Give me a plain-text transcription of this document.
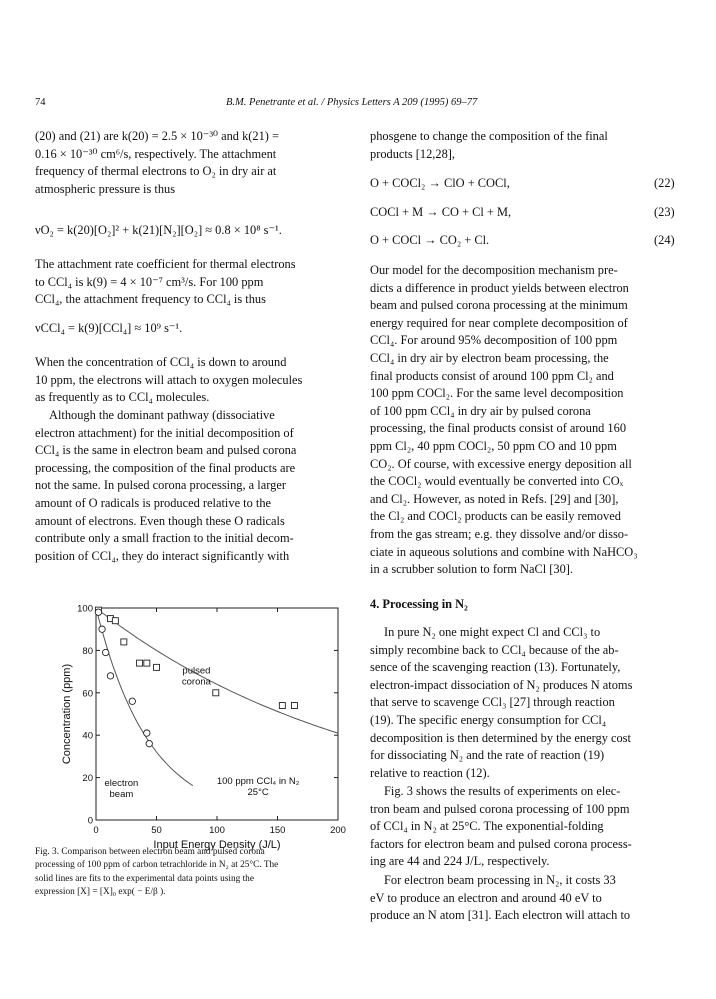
74	B.M. Penetrante et al. / Physics Letters A 209 (1995) 69–77
(20) and (21) are k(20) = 2.5 × 10⁻³⁰ and k(21) =
0.16 × 10⁻³⁰ cm⁶/s, respectively. The attachment
frequency of thermal electrons to O₂ in dry air at
atmospheric pressure is thus
νO₂ = k(20)[O₂]² + k(21)[N₂][O₂] ≈ 0.8 × 10⁸ s⁻¹.
The attachment rate coefficient for thermal electrons
to CCl₄ is k(9) = 4 × 10⁻⁷ cm³/s. For 100 ppm
CCl₄, the attachment frequency to CCl₄ is thus
νCCl₄ = k(9)[CCl₄] ≈ 10⁹ s⁻¹.
When the concentration of CCl₄ is down to around
10 ppm, the electrons will attach to oxygen molecules
as frequently as to CCl₄ molecules.
Although the dominant pathway (dissociative
electron attachment) for the initial decomposition of
CCl₄ is the same in electron beam and pulsed corona
processing, the composition of the final products are
not the same. In pulsed corona processing, a larger
amount of O radicals is produced relative to the
amount of electrons. Even though these O radicals
contribute only a small fraction to the initial decom-
position of CCl₄, they do interact significantly with
phosgene to change the composition of the final
products [12,28],
O + COCl₂ → ClO + COCl,	(22)
COCl + M → CO + Cl + M,	(23)
O + COCl → CO₂ + Cl.	(24)
Our model for the decomposition mechanism pre-
dicts a difference in product yields between electron
beam and pulsed corona processing at the minimum
energy required for near complete decomposition of
CCl₄. For around 95% decomposition of 100 ppm
CCl₄ in dry air by electron beam processing, the
final products consist of around 100 ppm Cl₂ and
100 ppm COCl₂. For the same level decomposition
of 100 ppm CCl₄ in dry air by pulsed corona
processing, the final products consist of around 160
ppm Cl₂, 40 ppm COCl₂, 50 ppm CO and 10 ppm
CO₂. Of course, with excessive energy deposition all
the COCl₂ would eventually be converted into COₓ
and Cl₂. However, as noted in Refs. [29] and [30],
the Cl₂ and COCl₂ products can be easily removed
from the gas stream; e.g. they dissolve and/or disso-
ciate in aqueous solutions and combine with NaHCO₃
in a scrubber solution to form NaCl [30].
4. Processing in N₂
In pure N₂ one might expect Cl and CCl₃ to
simply recombine back to CCl₄ because of the ab-
sence of the scavenging reaction (13). Fortunately,
electron-impact dissociation of N₂ produces N atoms
that serve to scavenge CCl₃ [27] through reaction
(19). The specific energy consumption for CCl₄
decomposition is then determined by the energy cost
for dissociating N₂ and the rate of reaction (19)
relative to reaction (12).
Fig. 3 shows the results of experiments on elec-
tron beam and pulsed corona processing of 100 ppm
of CCl₄ in N₂ at 25°C. The exponential-folding
factors for electron beam and pulsed corona process-
ing are 44 and 224 J/L, respectively.
For electron beam processing in N₂, it costs 33
eV to produce an electron and around 40 eV to
produce an N atom [31]. Each electron will attach to
0	50	100	150	200
0
20
40
60
80
100
Input Energy Density (J/L)
Concentration (ppm)	pulsed
corona
electron
beam
100 ppm CCl₄ in N₂
25°C
Fig. 3. Comparison between electron beam and pulsed corona
processing of 100 ppm of carbon tetrachloride in N₂ at 25°C. The
solid lines are fits to the experimental data points using the
expression [X] = [X]₀ exp( − E/β ).
